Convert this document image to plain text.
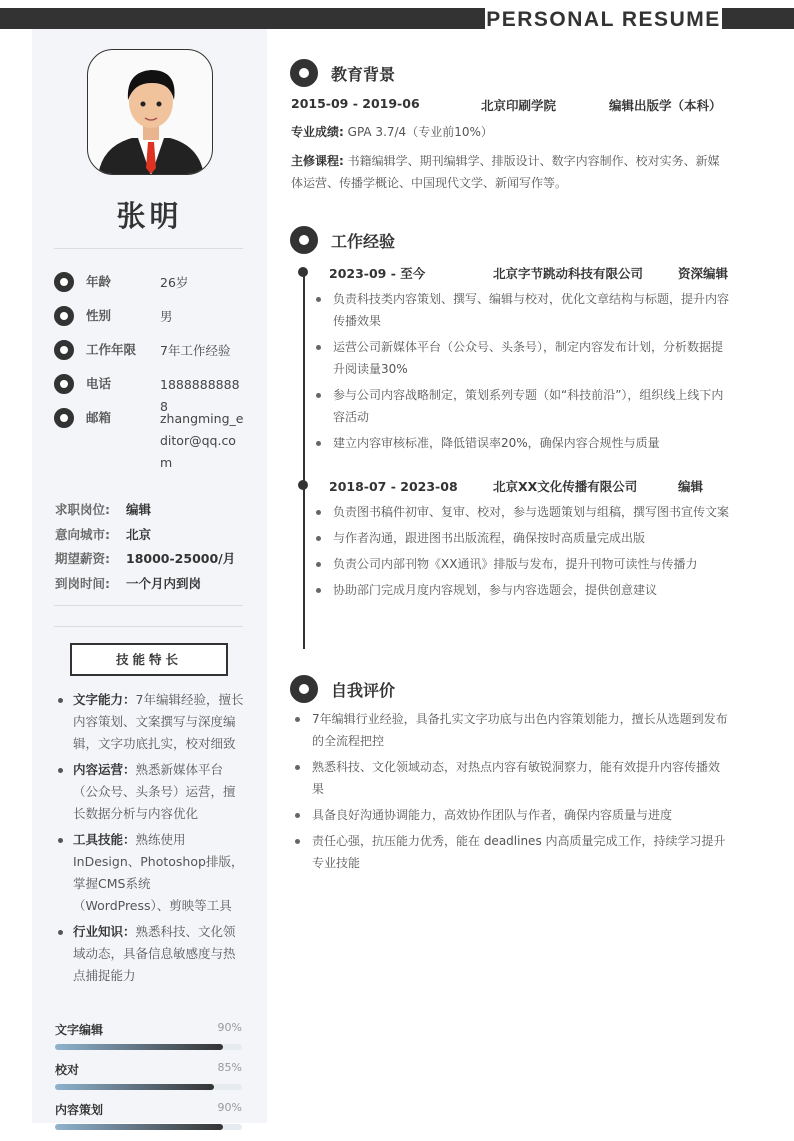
PERSONAL RESUME
张明
年龄	26岁
性别	男
工作年限	7年工作经验
电话	18888888888
邮箱	zhangming_editor@qq.com
求职岗位: 编辑
意向城市: 北京
期望薪资: 18000-25000/月
到岗时间: 一个月内到岗
技能特长
文字能力：7年编辑经验，擅长内容策划、文案撰写与深度编辑，文字功底扎实，校对细致
内容运营：熟悉新媒体平台（公众号、头条号）运营，擅长数据分析与内容优化
工具技能：熟练使用InDesign、Photoshop排版，掌握CMS系统（WordPress）、剪映等工具
行业知识：熟悉科技、文化领域动态，具备信息敏感度与热点捕捉能力
文字编辑	90%
校对	85%
内容策划	90%
教育背景
2015-09 - 2019-06	北京印刷学院	编辑出版学（本科）
专业成绩: GPA 3.7/4（专业前10%）
主修课程: 书籍编辑学、期刊编辑学、排版设计、数字内容制作、校对实务、新媒体运营、传播学概论、中国现代文学、新闻写作等。
工作经验
2023-09 - 至今	北京字节跳动科技有限公司	资深编辑
负责科技类内容策划、撰写、编辑与校对，优化文章结构与标题，提升内容传播效果
运营公司新媒体平台（公众号、头条号），制定内容发布计划，分析数据提升阅读量30%
参与公司内容战略制定，策划系列专题（如“科技前沿”），组织线上线下内容活动
建立内容审核标准，降低错误率20%，确保内容合规性与质量
2018-07 - 2023-08	北京XX文化传播有限公司	编辑
负责图书稿件初审、复审、校对，参与选题策划与组稿，撰写图书宣传文案
与作者沟通，跟进图书出版流程，确保按时高质量完成出版
负责公司内部刊物《XX通讯》排版与发布，提升刊物可读性与传播力
协助部门完成月度内容规划，参与内容选题会，提供创意建议
自我评价
7年编辑行业经验，具备扎实文字功底与出色内容策划能力，擅长从选题到发布的全流程把控
熟悉科技、文化领域动态，对热点内容有敏锐洞察力，能有效提升内容传播效果
具备良好沟通协调能力，高效协作团队与作者，确保内容质量与进度
责任心强，抗压能力优秀，能在 deadlines 内高质量完成工作，持续学习提升专业技能
